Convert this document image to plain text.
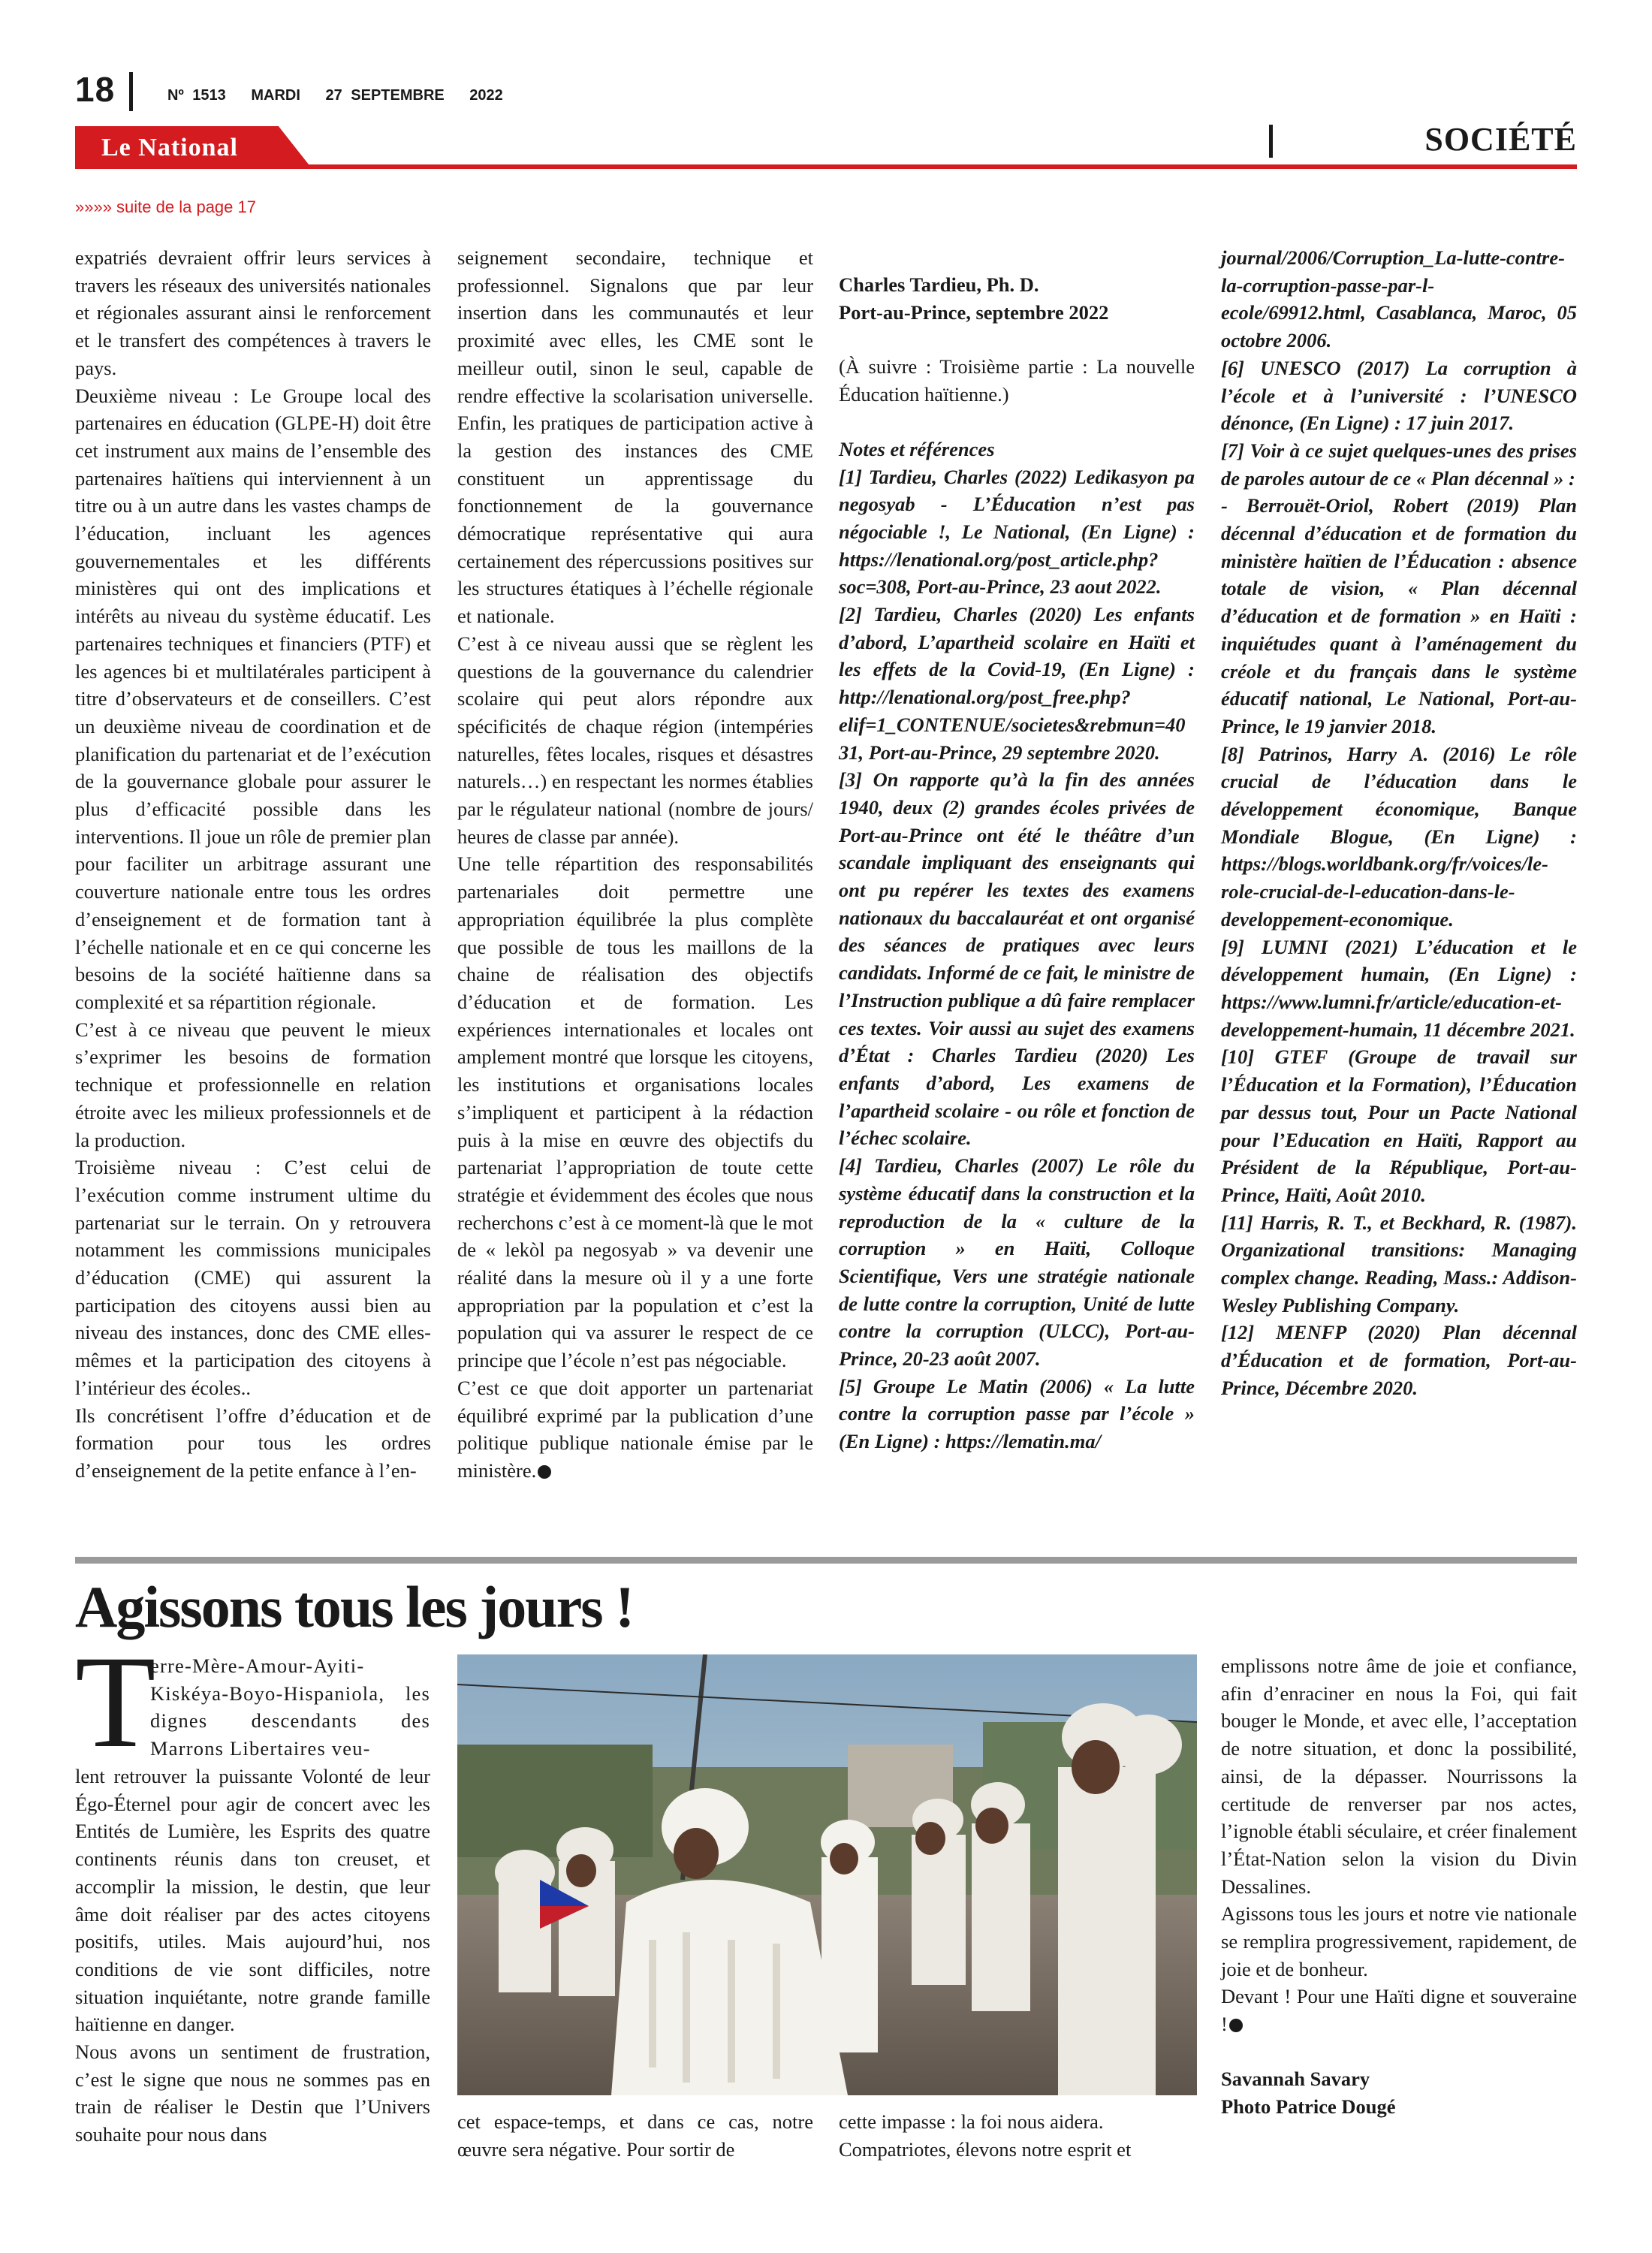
18	Nº 1513 MARDI 27 SEPTEMBRE 2022
Le National	SOCIÉTÉ
»»»» suite de la page 17

expatriés devraient offrir leurs services à travers les réseaux des universités nationales et régionales assurant ainsi le renforcement et le transfert des compétences à travers le pays.

Deuxième niveau : Le Groupe local des partenaires en éducation (GLPE-H) doit être cet instrument aux mains de l’ensemble des partenaires haïtiens qui interviennent à un titre ou à un autre dans les vastes champs de l’éducation, incluant les agences gouvernementales et les différents ministères qui ont des implications et intérêts au niveau du système éducatif. Les partenaires techniques et financiers (PTF) et les agences bi et multilatérales participent à titre d’observateurs et de conseillers. C’est un deuxième niveau de coordination et de planification du partenariat et de l’exécution de la gouvernance globale pour assurer le plus d’efficacité possible dans les interventions. Il joue un rôle de premier plan pour faciliter un arbitrage assurant une couverture nationale entre tous les ordres d’enseignement et de formation tant à l’échelle nationale et en ce qui concerne les besoins de la société haïtienne dans sa complexité et sa répartition régionale.

C’est à ce niveau que peuvent le mieux s’exprimer les besoins de formation technique et professionnelle en relation étroite avec les milieux professionnels et de la production.

Troisième niveau : C’est celui de l’exécution comme instrument ultime du partenariat sur le terrain. On y retrouvera notamment les commissions municipales d’éducation (CME) qui assurent la participation des citoyens aussi bien au niveau des instances, donc des CME elles-mêmes et la participation des citoyens à l’intérieur des écoles..

Ils concrétisent l’offre d’éducation et de formation pour tous les ordres d’enseignement de la petite enfance à l’en-

seignement secondaire, technique et professionnel. Signalons que par leur insertion dans les communautés et leur proximité avec elles, les CME sont le meilleur outil, sinon le seul, capable de rendre effective la scolarisation universelle. Enfin, les pratiques de participation active à la gestion des instances des CME constituent un apprentissage du fonctionnement de la gouvernance démocratique représentative qui aura certainement des répercussions positives sur les structures étatiques à l’échelle régionale et nationale.

C’est à ce niveau aussi que se règlent les questions de la gouvernance du calendrier scolaire qui peut alors répondre aux spécificités de chaque région (intempéries naturelles, fêtes locales, risques et désastres naturels…) en respectant les normes établies par le régulateur national (nombre de jours/ heures de classe par année).

Une telle répartition des responsabilités partenariales doit permettre une appropriation équilibrée la plus complète que possible de tous les maillons de la chaine de réalisation des objectifs d’éducation et de formation. Les expériences internationales et locales ont amplement montré que lorsque les citoyens, les institutions et organisations locales s’impliquent et participent à la rédaction puis à la mise en œuvre des objectifs du partenariat l’appropriation de toute cette stratégie et évidemment des écoles que nous recherchons c’est à ce moment-là que le mot de « lekòl pa negosyab » va devenir une réalité dans la mesure où il y a une forte appropriation par la population et c’est la population qui va assurer le respect de ce principe que l’école n’est pas négociable.

C’est ce que doit apporter un partenariat équilibré exprimé par la publication d’une politique publique nationale émise par le ministère.

Charles Tardieu, Ph. D.

Port-au-Prince, septembre 2022

(À suivre : Troisième partie : La nouvelle Éducation haïtienne.)

Notes et références

[1] Tardieu, Charles (2022) Ledikasyon pa negosyab - L’Éducation n’est pas négociable !, Le National, (En Ligne) : https://lenational.org/post_article.php?soc=308, Port-au-Prince, 23 aout 2022.

[2] Tardieu, Charles (2020) Les enfants d’abord, L’apartheid scolaire en Haïti et les effets de la Covid-19, (En Ligne) : http://lenational.org/post_free.php?elif=1_CONTENUE/societes&rebmun=4031, Port-au-Prince, 29 septembre 2020.

[3] On rapporte qu’à la fin des années 1940, deux (2) grandes écoles privées de Port-au-Prince ont été le théâtre d’un scandale impliquant des enseignants qui ont pu repérer les textes des examens nationaux du baccalauréat et ont organisé des séances de pratiques avec leurs candidats. Informé de ce fait, le ministre de l’Instruction publique a dû faire remplacer ces textes. Voir aussi au sujet des examens d’État : Charles Tardieu (2020) Les enfants d’abord, Les examens de l’apartheid scolaire - ou rôle et fonction de l’échec scolaire.

[4] Tardieu, Charles (2007) Le rôle du système éducatif dans la construction et la reproduction de la « culture de la corruption » en Haïti, Colloque Scientifique, Vers une stratégie nationale de lutte contre la corruption, Unité de lutte contre la corruption (ULCC), Port-au-Prince, 20-23 août 2007.

[5] Groupe Le Matin (2006) « La lutte contre la corruption passe par l’école » (En Ligne) : https://lematin.ma/

journal/2006/Corruption_La-lutte-contre-la-corruption-passe-par-l-ecole/69912.html, Casablanca, Maroc, 05 octobre 2006.

[6] UNESCO (2017) La corruption à l’école et à l’université : l’UNESCO dénonce, (En Ligne) : 17 juin 2017.

[7] Voir à ce sujet quelques-unes des prises de paroles autour de ce « Plan décennal » :

- Berrouët-Oriol, Robert (2019) Plan décennal d’éducation et de formation du ministère haïtien de l’Éducation : absence totale de vision, « Plan décennal d’éducation et de formation » en Haïti : inquiétudes quant à l’aménagement du créole et du français dans le système éducatif national, Le National, Port-au-Prince, le 19 janvier 2018.

[8] Patrinos, Harry A. (2016) Le rôle crucial de l’éducation dans le développement économique, Banque Mondiale Blogue, (En Ligne) : https://blogs.worldbank.org/fr/voices/le-role-crucial-de-l-education-dans-le-developpement-economique.

[9] LUMNI (2021) L’éducation et le développement humain, (En Ligne) : https://www.lumni.fr/article/education-et-developpement-humain, 11 décembre 2021.

[10] GTEF (Groupe de travail sur l’Éducation et la Formation), l’Éducation par dessus tout, Pour un Pacte National pour l’Education en Haïti, Rapport au Président de la République, Port-au-Prince, Haïti, Août 2010.

[11] Harris, R. T., et Beckhard, R. (1987). Organizational transitions: Managing complex change. Reading, Mass.: Addison-Wesley Publishing Company.

[12] MENFP (2020) Plan décennal d’Éducation et de formation, Port-au-Prince, Décembre 2020.

Agissons tous les jours !
T

erre-Mère-Amour-Ayiti-Kiskéya-Boyo-Hispaniola, les dignes descendants des Marrons Libertaires veu-

lent retrouver la puissante Volonté de leur Égo-Éternel pour agir de concert avec les Entités de Lumière, les Esprits des quatre continents réunis dans ton creuset, et accomplir la mission, le destin, que leur âme doit réaliser par des actes citoyens positifs, utiles. Mais aujourd’hui, nos conditions de vie sont difficiles, notre situation inquiétante, notre grande famille haïtienne en danger.

Nous avons un sentiment de frustration, c’est le signe que nous ne sommes pas en train de réaliser le Destin que l’Univers souhaite pour nous dans

cet espace-temps, et dans ce cas, notre œuvre sera négative. Pour sortir de

cette impasse : la foi nous aidera.

Compatriotes, élevons notre esprit et

emplissons notre âme de joie et confiance, afin d’enraciner en nous la Foi, qui fait bouger le Monde, et avec elle, l’acceptation de notre situation, et donc la possibilité, ainsi, de la dépasser. Nourrissons la certitude de renverser par nos actes, l’ignoble établi séculaire, et créer finalement l’État-Nation selon la vision du Divin Dessalines.

Agissons tous les jours et notre vie nationale se remplira progressivement, rapidement, de joie et de bonheur.

Devant ! Pour une Haïti digne et souveraine !

Savannah Savary

Photo Patrice Dougé
